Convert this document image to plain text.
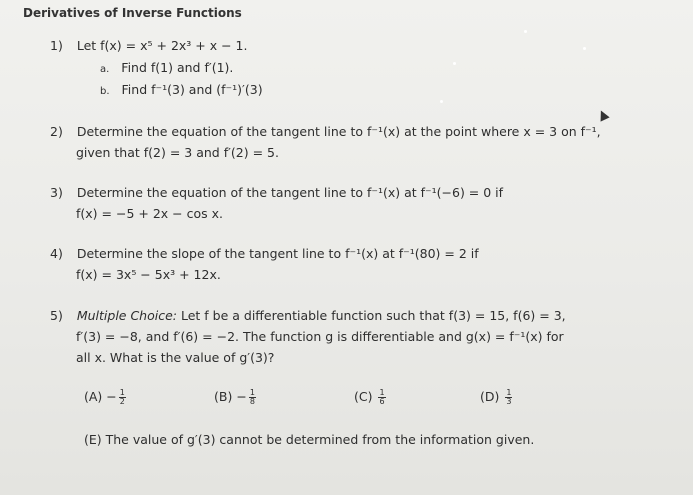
Derivatives of Inverse Functions
1) Let f(x) = x⁵ + 2x³ + x − 1.
a. Find f(1) and f′(1).
b. Find f⁻¹(3) and (f⁻¹)′(3)
2) Determine the equation of the tangent line to f⁻¹(x) at the point where x = 3 on f⁻¹,
given that f(2) = 3 and f′(2) = 5.
3) Determine the equation of the tangent line to f⁻¹(x) at f⁻¹(−6) = 0 if
f(x) = −5 + 2x − cos x.
4) Determine the slope of the tangent line to f⁻¹(x) at f⁻¹(80) = 2 if
f(x) = 3x⁵ − 5x³ + 12x.
5) Multiple Choice: Let f be a differentiable function such that f(3) = 15, f(6) = 3,
f′(3) = −8, and f′(6) = −2. The function g is differentiable and g(x) = f⁻¹(x) for
all x. What is the value of g′(3)?
$(A) - \frac{1}{2}$	$(B) - \frac{1}{8}$	$(C) \frac{1}{6}$	$(D) \frac{1}{3}$
(E) The value of g′(3) cannot be determined from the information given.
